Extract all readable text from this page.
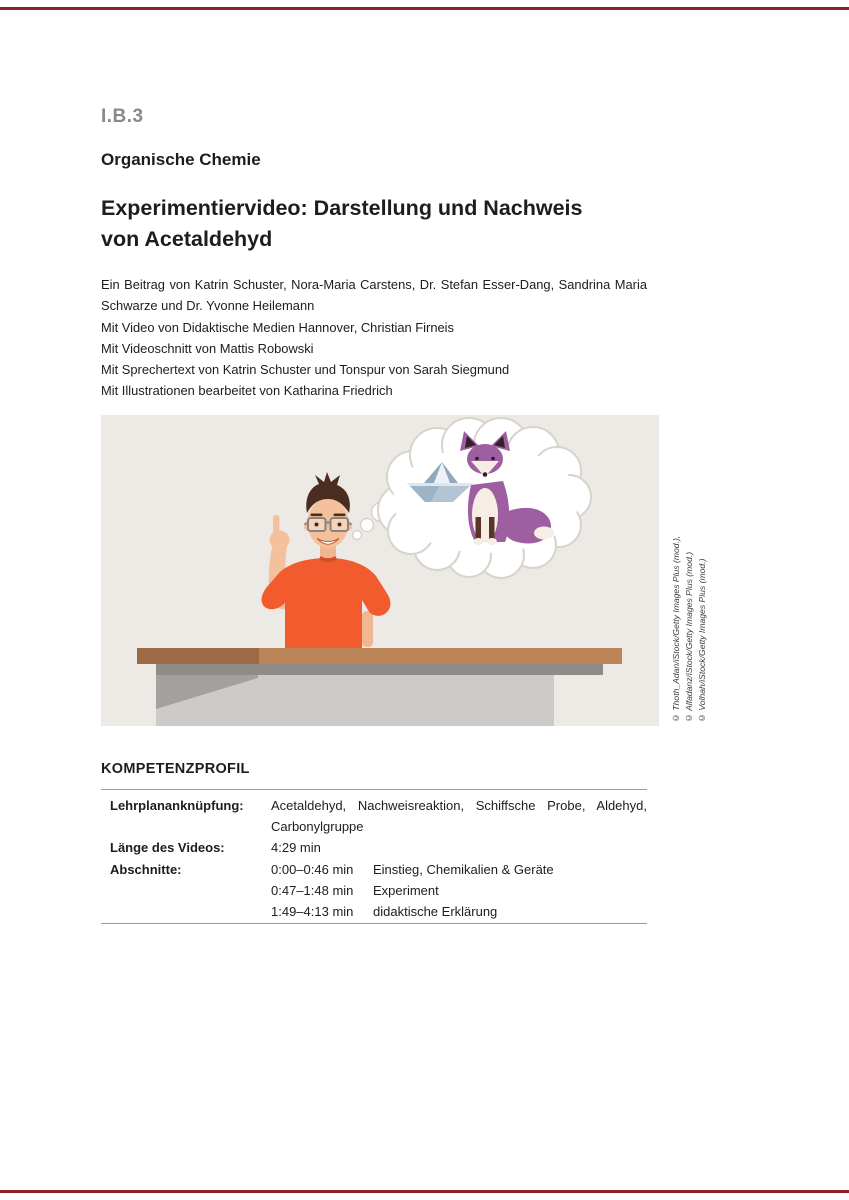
I.B.3
Organische Chemie
Experimentiervideo: Darstellung und Nachweis
von Acetaldehyd
Ein Beitrag von Katrin Schuster, Nora-Maria Carstens, Dr. Stefan Esser-Dang, Sandrina Maria
Schwarze und Dr. Yvonne Heilemann
Mit Video von Didaktische Medien Hannover, Christian Firneis
Mit Videoschnitt von Mattis Robowski
Mit Sprechertext von Katrin Schuster und Tonspur von Sarah Siegmund
Mit Illustrationen bearbeitet von Katharina Friedrich
© Thoth_Adan/iStock/Getty Images Plus (mod.), © Alfadanz/iStock/Getty Images Plus (mod.) © Volhah/iStock/Getty Images Plus (mod.)
KOMPETENZPROFIL
Lehrplananknüpfung:	Acetaldehyd, Nachweisreaktion, Schiffsche Probe, Aldehyd,
Carbonylgruppe
Länge des Videos:	4:29 min
Abschnitte:	0:00–0:46 min	Einstieg, Chemikalien & Geräte
0:47–1:48 min	Experiment
1:49–4:13 min	didaktische Erklärung
